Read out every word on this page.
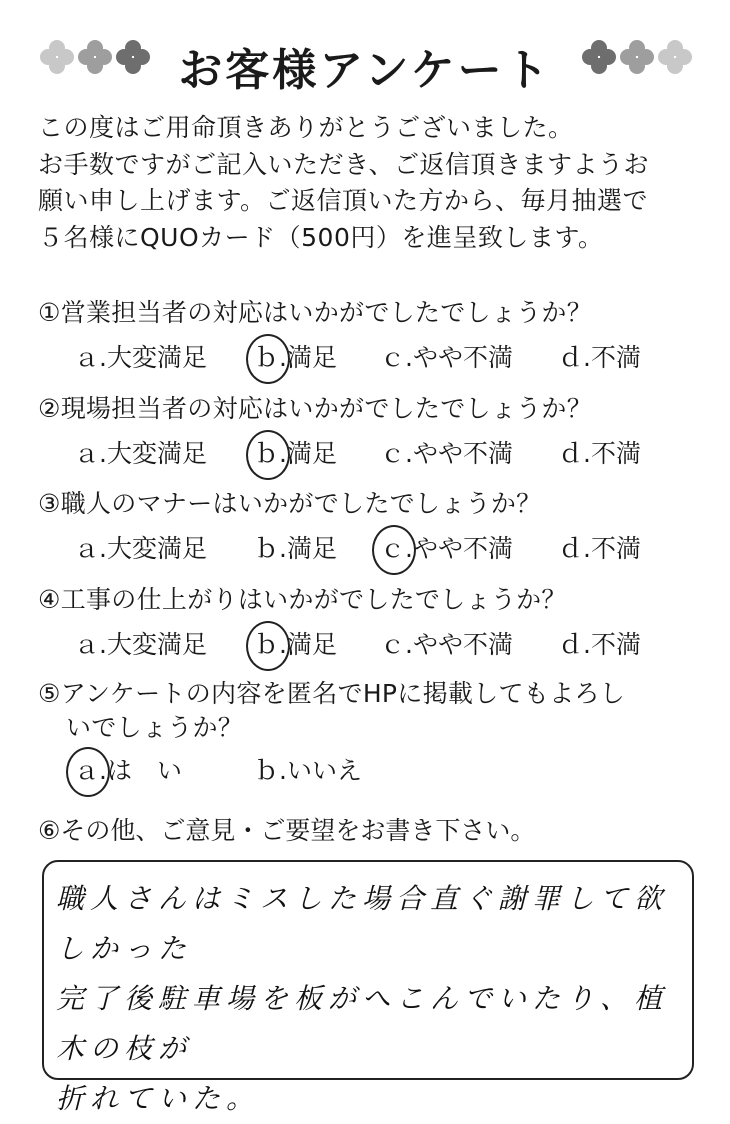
お客様アンケート
この度はご用命頂きありがとうございました。
お手数ですがご記入いただき、ご返信頂きますようお
願い申し上げます。ご返信頂いた方から、毎月抽選で
５名様にQUOカード（500円）を進呈致します。
①営業担当者の対応はいかがでしたでしょうか？
ａ.大変満足 ｂ.満足 ｃ.やや不満 ｄ.不満
②現場担当者の対応はいかがでしたでしょうか？
ａ.大変満足 ｂ.満足 ｃ.やや不満 ｄ.不満
③職人のマナーはいかがでしたでしょうか？
ａ.大変満足 ｂ.満足 ｃ.やや不満 ｄ.不満
④工事の仕上がりはいかがでしたでしょうか？
ａ.大変満足 ｂ.満足 ｃ.やや不満 ｄ.不満
⑤アンケートの内容を匿名でHPに掲載してもよろし
いでしょうか？
ａ.は　い	ｂ.いいえ
⑥その他、ご意見・ご要望をお書き下さい。
職人さんはミスした場合直ぐ謝罪して欲しかった
完了後駐車場を板がへこんでいたり、植木の枝が
折れていた。
